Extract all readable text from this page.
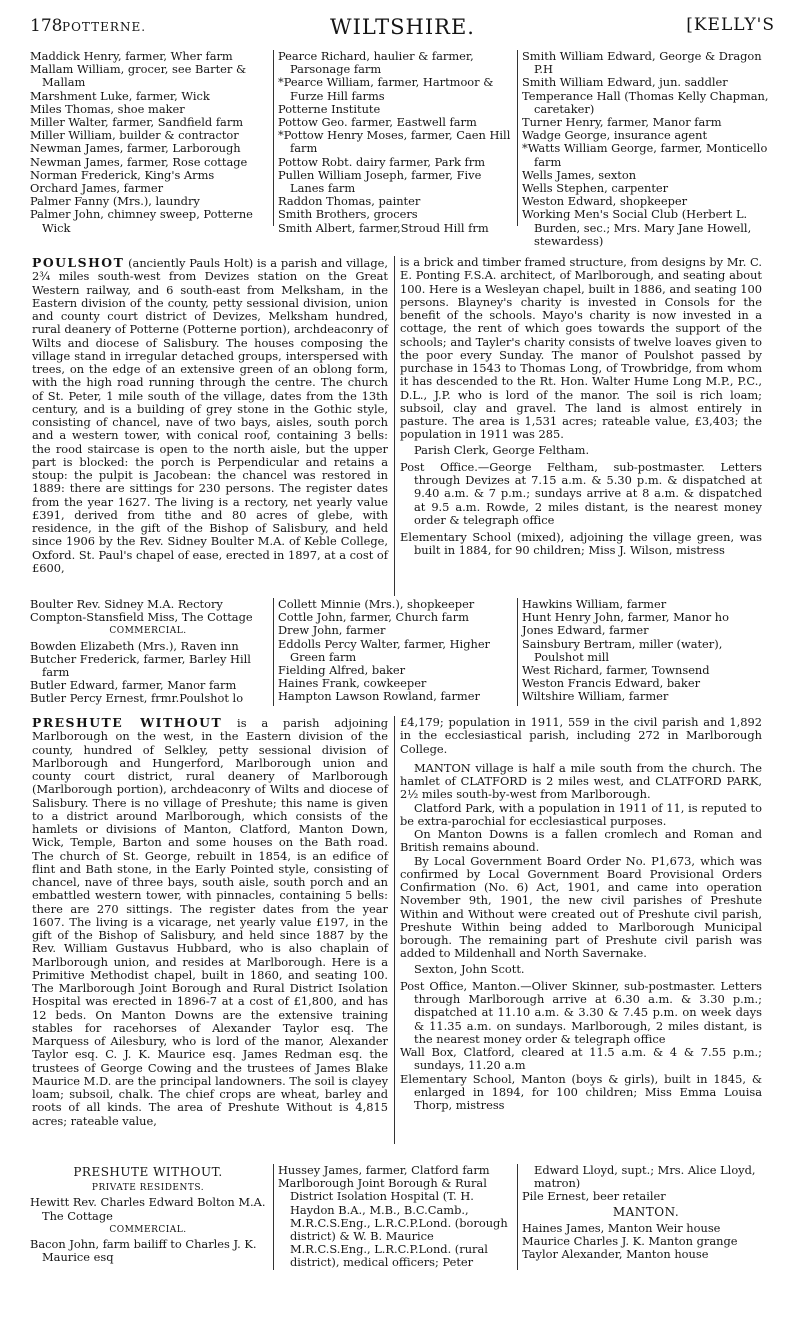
178 POTTERNE.	WILTSHIRE.	[KELLY'S
Maddick Henry, farmer, Wher farm
Mallam William, grocer, see Barter & Mallam
Marshment Luke, farmer, Wick
Miles Thomas, shoe maker
Miller Walter, farmer, Sandfield farm
Miller William, builder & contractor
Newman James, farmer, Larborough
Newman James, farmer, Rose cottage
Norman Frederick, King's Arms
Orchard James, farmer
Palmer Fanny (Mrs.), laundry
Palmer John, chimney sweep, Potterne Wick
Pearce Richard, haulier & farmer, Parsonage farm
*Pearce William, farmer, Hartmoor & Furze Hill farms
Potterne Institute
Pottow Geo. farmer, Eastwell farm
*Pottow Henry Moses, farmer, Caen Hill farm
Pottow Robt. dairy farmer, Park frm
Pullen William Joseph, farmer, Five Lanes farm
Raddon Thomas, painter
Smith Brothers, grocers
Smith Albert, farmer,Stroud Hill frm
Smith William Edward, George & Dragon P.H
Smith William Edward, jun. saddler
Temperance Hall (Thomas Kelly Chapman, caretaker)
Turner Henry, farmer, Manor farm
Wadge George, insurance agent
*Watts William George, farmer, Monticello farm
Wells James, sexton
Wells Stephen, carpenter
Weston Edward, shopkeeper
Working Men's Social Club (Herbert L. Burden, sec.; Mrs. Mary Jane Howell, stewardess)

POULSHOT (anciently Pauls Holt) is a parish and village, 2¾ miles south-west from Devizes station on the Great Western railway, and 6 south-east from Melksham, in the Eastern division of the county, petty sessional division, union and county court district of Devizes, Melksham hundred, rural deanery of Potterne (Potterne portion), archdeaconry of Wilts and diocese of Salisbury. The houses composing the village stand in irregular detached groups, interspersed with trees, on the edge of an extensive green of an oblong form, with the high road running through the centre. The church of St. Peter, 1 mile south of the village, dates from the 13th century, and is a building of grey stone in the Gothic style, consisting of chancel, nave of two bays, aisles, south porch and a western tower, with conical roof, containing 3 bells: the rood staircase is open to the north aisle, but the upper part is blocked: the porch is Perpendicular and retains a stoup: the pulpit is Jacobean: the chancel was restored in 1889: there are sittings for 230 persons. The register dates from the year 1627. The living is a rectory, net yearly value £391, derived from tithe and 80 acres of glebe, with residence, in the gift of the Bishop of Salisbury, and held since 1906 by the Rev. Sidney Boulter M.A. of Keble College, Oxford. St. Paul's chapel of ease, erected in 1897, at a cost of £600,

is a brick and timber framed structure, from designs by Mr. C. E. Ponting F.S.A. architect, of Marlborough, and seating about 100. Here is a Wesleyan chapel, built in 1886, and seating 100 persons. Blayney's charity is invested in Consols for the benefit of the schools. Mayo's charity is now invested in a cottage, the rent of which goes towards the support of the schools; and Tayler's charity consists of twelve loaves given to the poor every Sunday. The manor of Poulshot passed by purchase in 1543 to Thomas Long, of Trowbridge, from whom it has descended to the Rt. Hon. Walter Hume Long M.P., P.C., D.L., J.P. who is lord of the manor. The soil is rich loam; subsoil, clay and gravel. The land is almost entirely in pasture. The area is 1,531 acres; rateable value, £3,403; the population in 1911 was 285.

Parish Clerk, George Feltham.

Post Office.—George Feltham, sub-postmaster. Letters through Devizes at 7.15 a.m. & 5.30 p.m. & dispatched at 9.40 a.m. & 7 p.m.; sundays arrive at 8 a.m. & dispatched at 9.5 a.m. Rowde, 2 miles distant, is the nearest money order & telegraph office

Elementary School (mixed), adjoining the village green, was built in 1884, for 90 children; Miss J. Wilson, mistress

Boulter Rev. Sidney M.A. Rectory
Compton-Stansfield Miss, The Cottage
COMMERCIAL.
Bowden Elizabeth (Mrs.), Raven inn
Butcher Frederick, farmer, Barley Hill farm
Butler Edward, farmer, Manor farm
Butler Percy Ernest, frmr.Poulshot lo
Collett Minnie (Mrs.), shopkeeper
Cottle John, farmer, Church farm
Drew John, farmer
Eddolls Percy Walter, farmer, Higher Green farm
Fielding Alfred, baker
Haines Frank, cowkeeper
Hampton Lawson Rowland, farmer
Hawkins William, farmer
Hunt Henry John, farmer, Manor ho
Jones Edward, farmer
Sainsbury Bertram, miller (water), Poulshot mill
West Richard, farmer, Townsend
Weston Francis Edward, baker
Wiltshire William, farmer

PRESHUTE WITHOUT is a parish adjoining Marlborough on the west, in the Eastern division of the county, hundred of Selkley, petty sessional division of Marlborough and Hungerford, Marlborough union and county court district, rural deanery of Marlborough (Marlborough portion), archdeaconry of Wilts and diocese of Salisbury. There is no village of Preshute; this name is given to a district around Marlborough, which consists of the hamlets or divisions of Manton, Clatford, Manton Down, Wick, Temple, Barton and some houses on the Bath road. The church of St. George, rebuilt in 1854, is an edifice of flint and Bath stone, in the Early Pointed style, consisting of chancel, nave of three bays, south aisle, south porch and an embattled western tower, with pinnacles, containing 5 bells: there are 270 sittings. The register dates from the year 1607. The living is a vicarage, net yearly value £197, in the gift of the Bishop of Salisbury, and held since 1887 by the Rev. William Gustavus Hubbard, who is also chaplain of Marlborough union, and resides at Marlborough. Here is a Primitive Methodist chapel, built in 1860, and seating 100. The Marlborough Joint Borough and Rural District Isolation Hospital was erected in 1896-7 at a cost of £1,800, and has 12 beds. On Manton Downs are the extensive training stables for racehorses of Alexander Taylor esq. The Marquess of Ailesbury, who is lord of the manor, Alexander Taylor esq. C. J. K. Maurice esq. James Redman esq. the trustees of George Cowing and the trustees of James Blake Maurice M.D. are the principal landowners. The soil is clayey loam; subsoil, chalk. The chief crops are wheat, barley and roots of all kinds. The area of Preshute Without is 4,815 acres; rateable value,

£4,179; population in 1911, 559 in the civil parish and 1,892 in the ecclesiastical parish, including 272 in Marlborough College.

MANTON village is half a mile south from the church. The hamlet of CLATFORD is 2 miles west, and CLATFORD PARK, 2½ miles south-by-west from Marlborough.

Clatford Park, with a population in 1911 of 11, is reputed to be extra-parochial for ecclesiastical purposes.

On Manton Downs is a fallen cromlech and Roman and British remains abound.

By Local Government Board Order No. P1,673, which was confirmed by Local Government Board Provisional Orders Confirmation (No. 6) Act, 1901, and came into operation November 9th, 1901, the new civil parishes of Preshute Within and Without were created out of Preshute civil parish, Preshute Within being added to Marlborough Municipal borough. The remaining part of Preshute civil parish was added to Mildenhall and North Savernake.

Sexton, John Scott.

Post Office, Manton.—Oliver Skinner, sub-postmaster. Letters through Marlborough arrive at 6.30 a.m. & 3.30 p.m.; dispatched at 11.10 a.m. & 3.30 & 7.45 p.m. on week days & 11.35 a.m. on sundays. Marlborough, 2 miles distant, is the nearest money order & telegraph office

Wall Box, Clatford, cleared at 11.5 a.m. & 4 & 7.55 p.m.; sundays, 11.20 a.m

Elementary School, Manton (boys & girls), built in 1845, & enlarged in 1894, for 100 children; Miss Emma Louisa Thorp, mistress

PRESHUTE WITHOUT.
PRIVATE RESIDENTS.
Hewitt Rev. Charles Edward Bolton M.A. The Cottage
COMMERCIAL.
Bacon John, farm bailiff to Charles J. K. Maurice esq
Hussey James, farmer, Clatford farm
Marlborough Joint Borough & Rural District Isolation Hospital (T. H. Haydon B.A., M.B., B.C.Camb., M.R.C.S.Eng., L.R.C.P.Lond. (borough district) & W. B. Maurice M.R.C.S.Eng., L.R.C.P.Lond. (rural district), medical officers; Peter
Edward Lloyd, supt.; Mrs. Alice Lloyd, matron)
Pile Ernest, beer retailer
MANTON.
Haines James, Manton Weir house
Maurice Charles J. K. Manton grange
Taylor Alexander, Manton house
